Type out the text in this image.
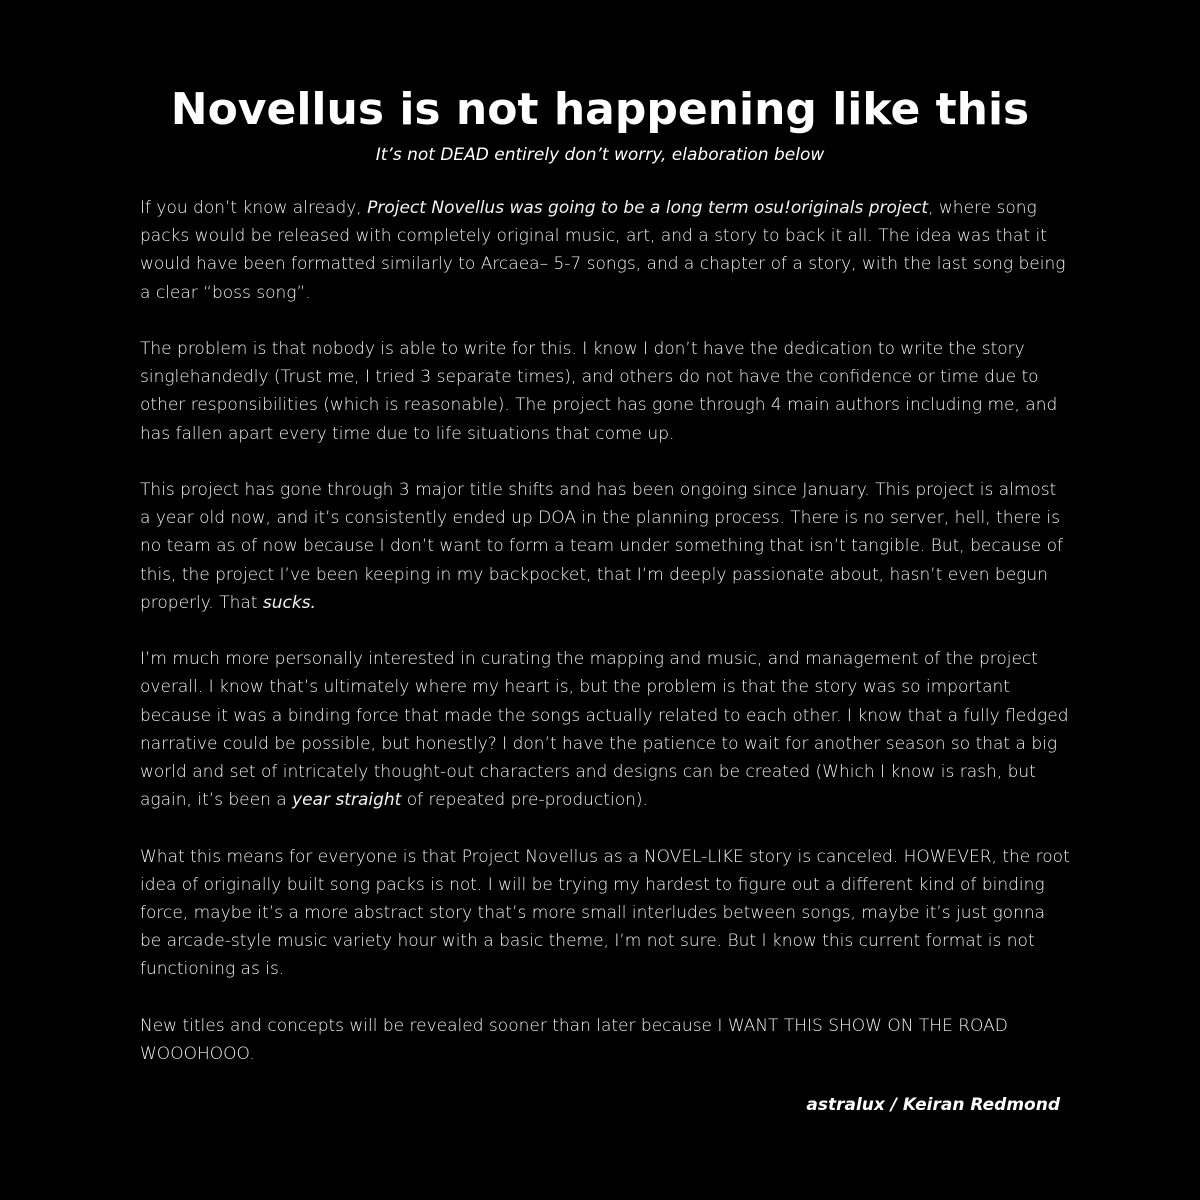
Novellus is not happening like this

It’s not DEAD entirely don’t worry, elaboration below

If you don’t know already, Project Novellus was going to be a long term osu!originals project, where song packs would be released with completely original music, art, and a story to back it all. The idea was that it would have been formatted similarly to Arcaea– 5-7 songs, and a chapter of a story, with the last song being a clear “boss song”.

The problem is that nobody is able to write for this. I know I don’t have the dedication to write the story singlehandedly (Trust me, I tried 3 separate times), and others do not have the confidence or time due to other responsibilities (which is reasonable). The project has gone through 4 main authors including me, and has fallen apart every time due to life situations that come up.

This project has gone through 3 major title shifts and has been ongoing since January. This project is almost a year old now, and it’s consistently ended up DOA in the planning process. There is no server, hell, there is no team as of now because I don’t want to form a team under something that isn’t tangible. But, because of this, the project I’ve been keeping in my backpocket, that I’m deeply passionate about, hasn’t even begun properly. That sucks.

I’m much more personally interested in curating the mapping and music, and management of the project overall. I know that’s ultimately where my heart is, but the problem is that the story was so important because it was a binding force that made the songs actually related to each other. I know that a fully fledged narrative could be possible, but honestly? I don’t have the patience to wait for another season so that a big world and set of intricately thought-out characters and designs can be created (Which I know is rash, but again, it’s been a year straight of repeated pre-production).

What this means for everyone is that Project Novellus as a NOVEL-LIKE story is canceled. HOWEVER, the root idea of originally built song packs is not. I will be trying my hardest to figure out a different kind of binding force, maybe it’s a more abstract story that’s more small interludes between songs, maybe it’s just gonna be arcade-style music variety hour with a basic theme, I’m not sure. But I know this current format is not functioning as is.

New titles and concepts will be revealed sooner than later because I WANT THIS SHOW ON THE ROAD WOOOHOOO.

astralux / Keiran Redmond
